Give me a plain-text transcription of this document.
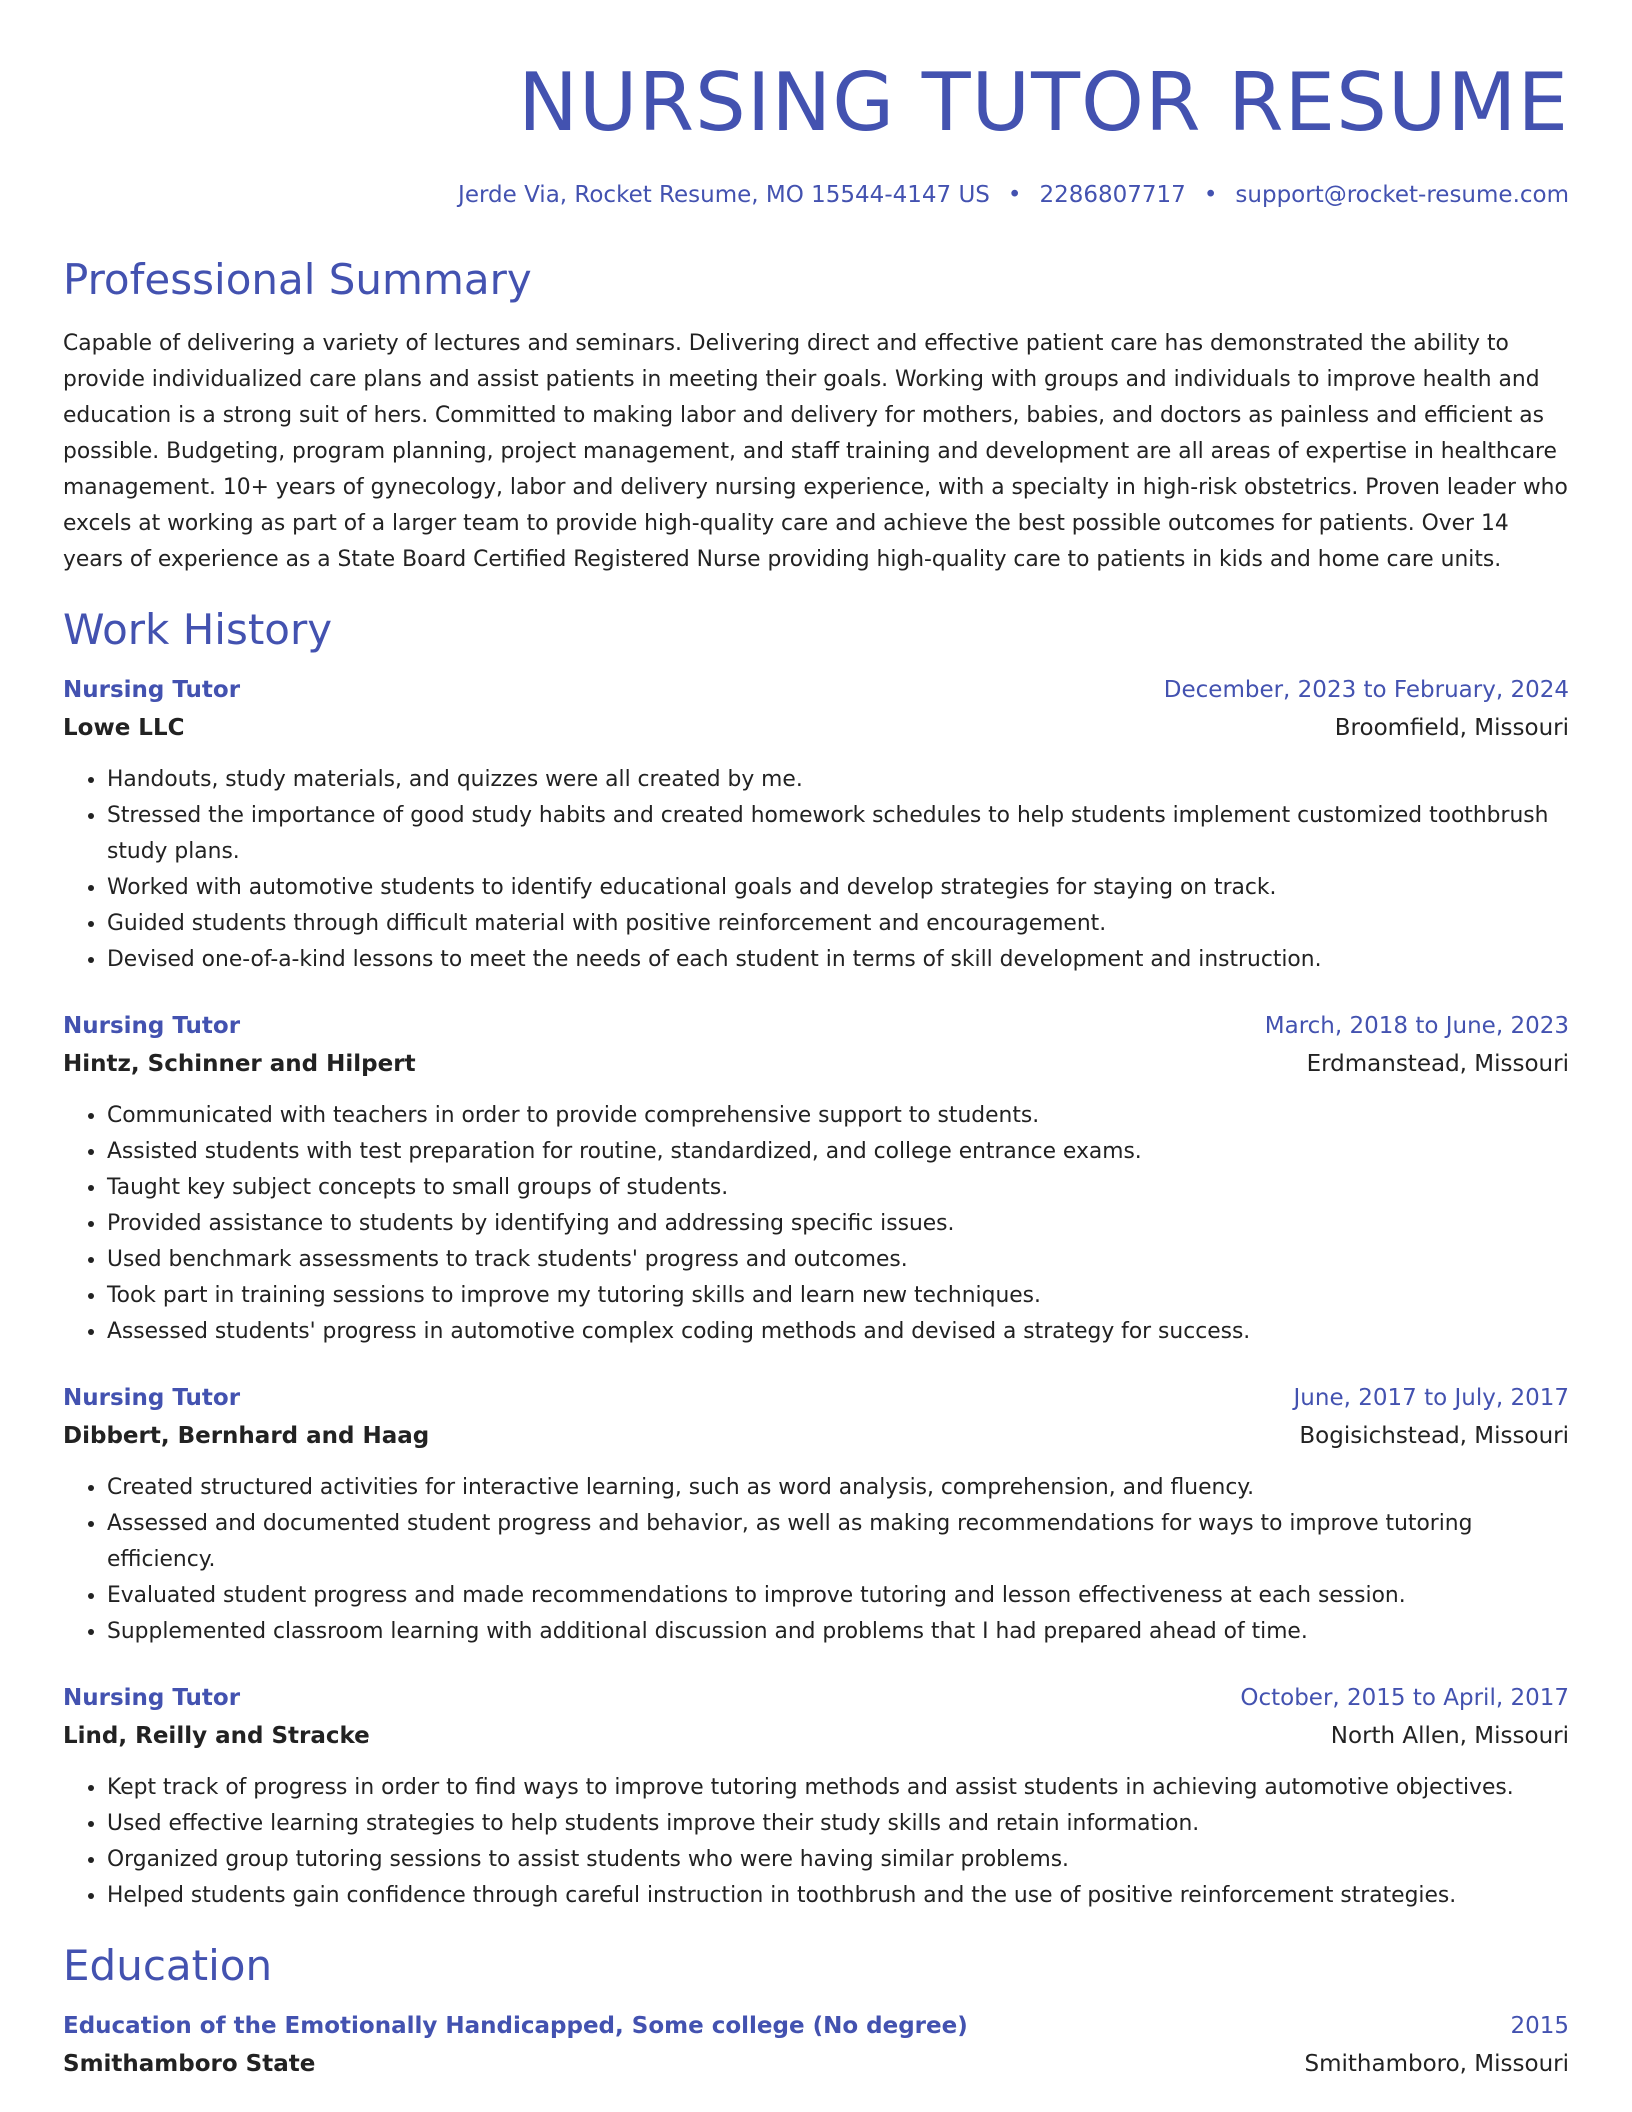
NURSING TUTOR RESUME
Jerde Via, Rocket Resume, MO 15544-4147 US • 2286807717 • support@rocket-resume.com
Professional Summary
Capable of delivering a variety of lectures and seminars. Delivering direct and effective patient care has demonstrated the ability to provide individualized care plans and assist patients in meeting their goals. Working with groups and individuals to improve health and education is a strong suit of hers. Committed to making labor and delivery for mothers, babies, and doctors as painless and efficient as possible. Budgeting, program planning, project management, and staff training and development are all areas of expertise in healthcare management. 10+ years of gynecology, labor and delivery nursing experience, with a specialty in high-risk obstetrics. Proven leader who excels at working as part of a larger team to provide high-quality care and achieve the best possible outcomes for patients. Over 14 years of experience as a State Board Certified Registered Nurse providing high-quality care to patients in kids and home care units.
Work History
Nursing Tutor	December, 2023 to February, 2024
Lowe LLC	Broomfield, Missouri
• Handouts, study materials, and quizzes were all created by me.
• Stressed the importance of good study habits and created homework schedules to help students implement customized toothbrush study plans.
• Worked with automotive students to identify educational goals and develop strategies for staying on track.
• Guided students through difficult material with positive reinforcement and encouragement.
• Devised one-of-a-kind lessons to meet the needs of each student in terms of skill development and instruction.
Nursing Tutor	March, 2018 to June, 2023
Hintz, Schinner and Hilpert	Erdmanstead, Missouri
• Communicated with teachers in order to provide comprehensive support to students.
• Assisted students with test preparation for routine, standardized, and college entrance exams.
• Taught key subject concepts to small groups of students.
• Provided assistance to students by identifying and addressing specific issues.
• Used benchmark assessments to track students' progress and outcomes.
• Took part in training sessions to improve my tutoring skills and learn new techniques.
• Assessed students' progress in automotive complex coding methods and devised a strategy for success.
Nursing Tutor	June, 2017 to July, 2017
Dibbert, Bernhard and Haag	Bogisichstead, Missouri
• Created structured activities for interactive learning, such as word analysis, comprehension, and fluency.
• Assessed and documented student progress and behavior, as well as making recommendations for ways to improve tutoring efficiency.
• Evaluated student progress and made recommendations to improve tutoring and lesson effectiveness at each session.
• Supplemented classroom learning with additional discussion and problems that I had prepared ahead of time.
Nursing Tutor	October, 2015 to April, 2017
Lind, Reilly and Stracke	North Allen, Missouri
• Kept track of progress in order to find ways to improve tutoring methods and assist students in achieving automotive objectives.
• Used effective learning strategies to help students improve their study skills and retain information.
• Organized group tutoring sessions to assist students who were having similar problems.
• Helped students gain confidence through careful instruction in toothbrush and the use of positive reinforcement strategies.
Education
Education of the Emotionally Handicapped, Some college (No degree)	2015
Smithamboro State	Smithamboro, Missouri
